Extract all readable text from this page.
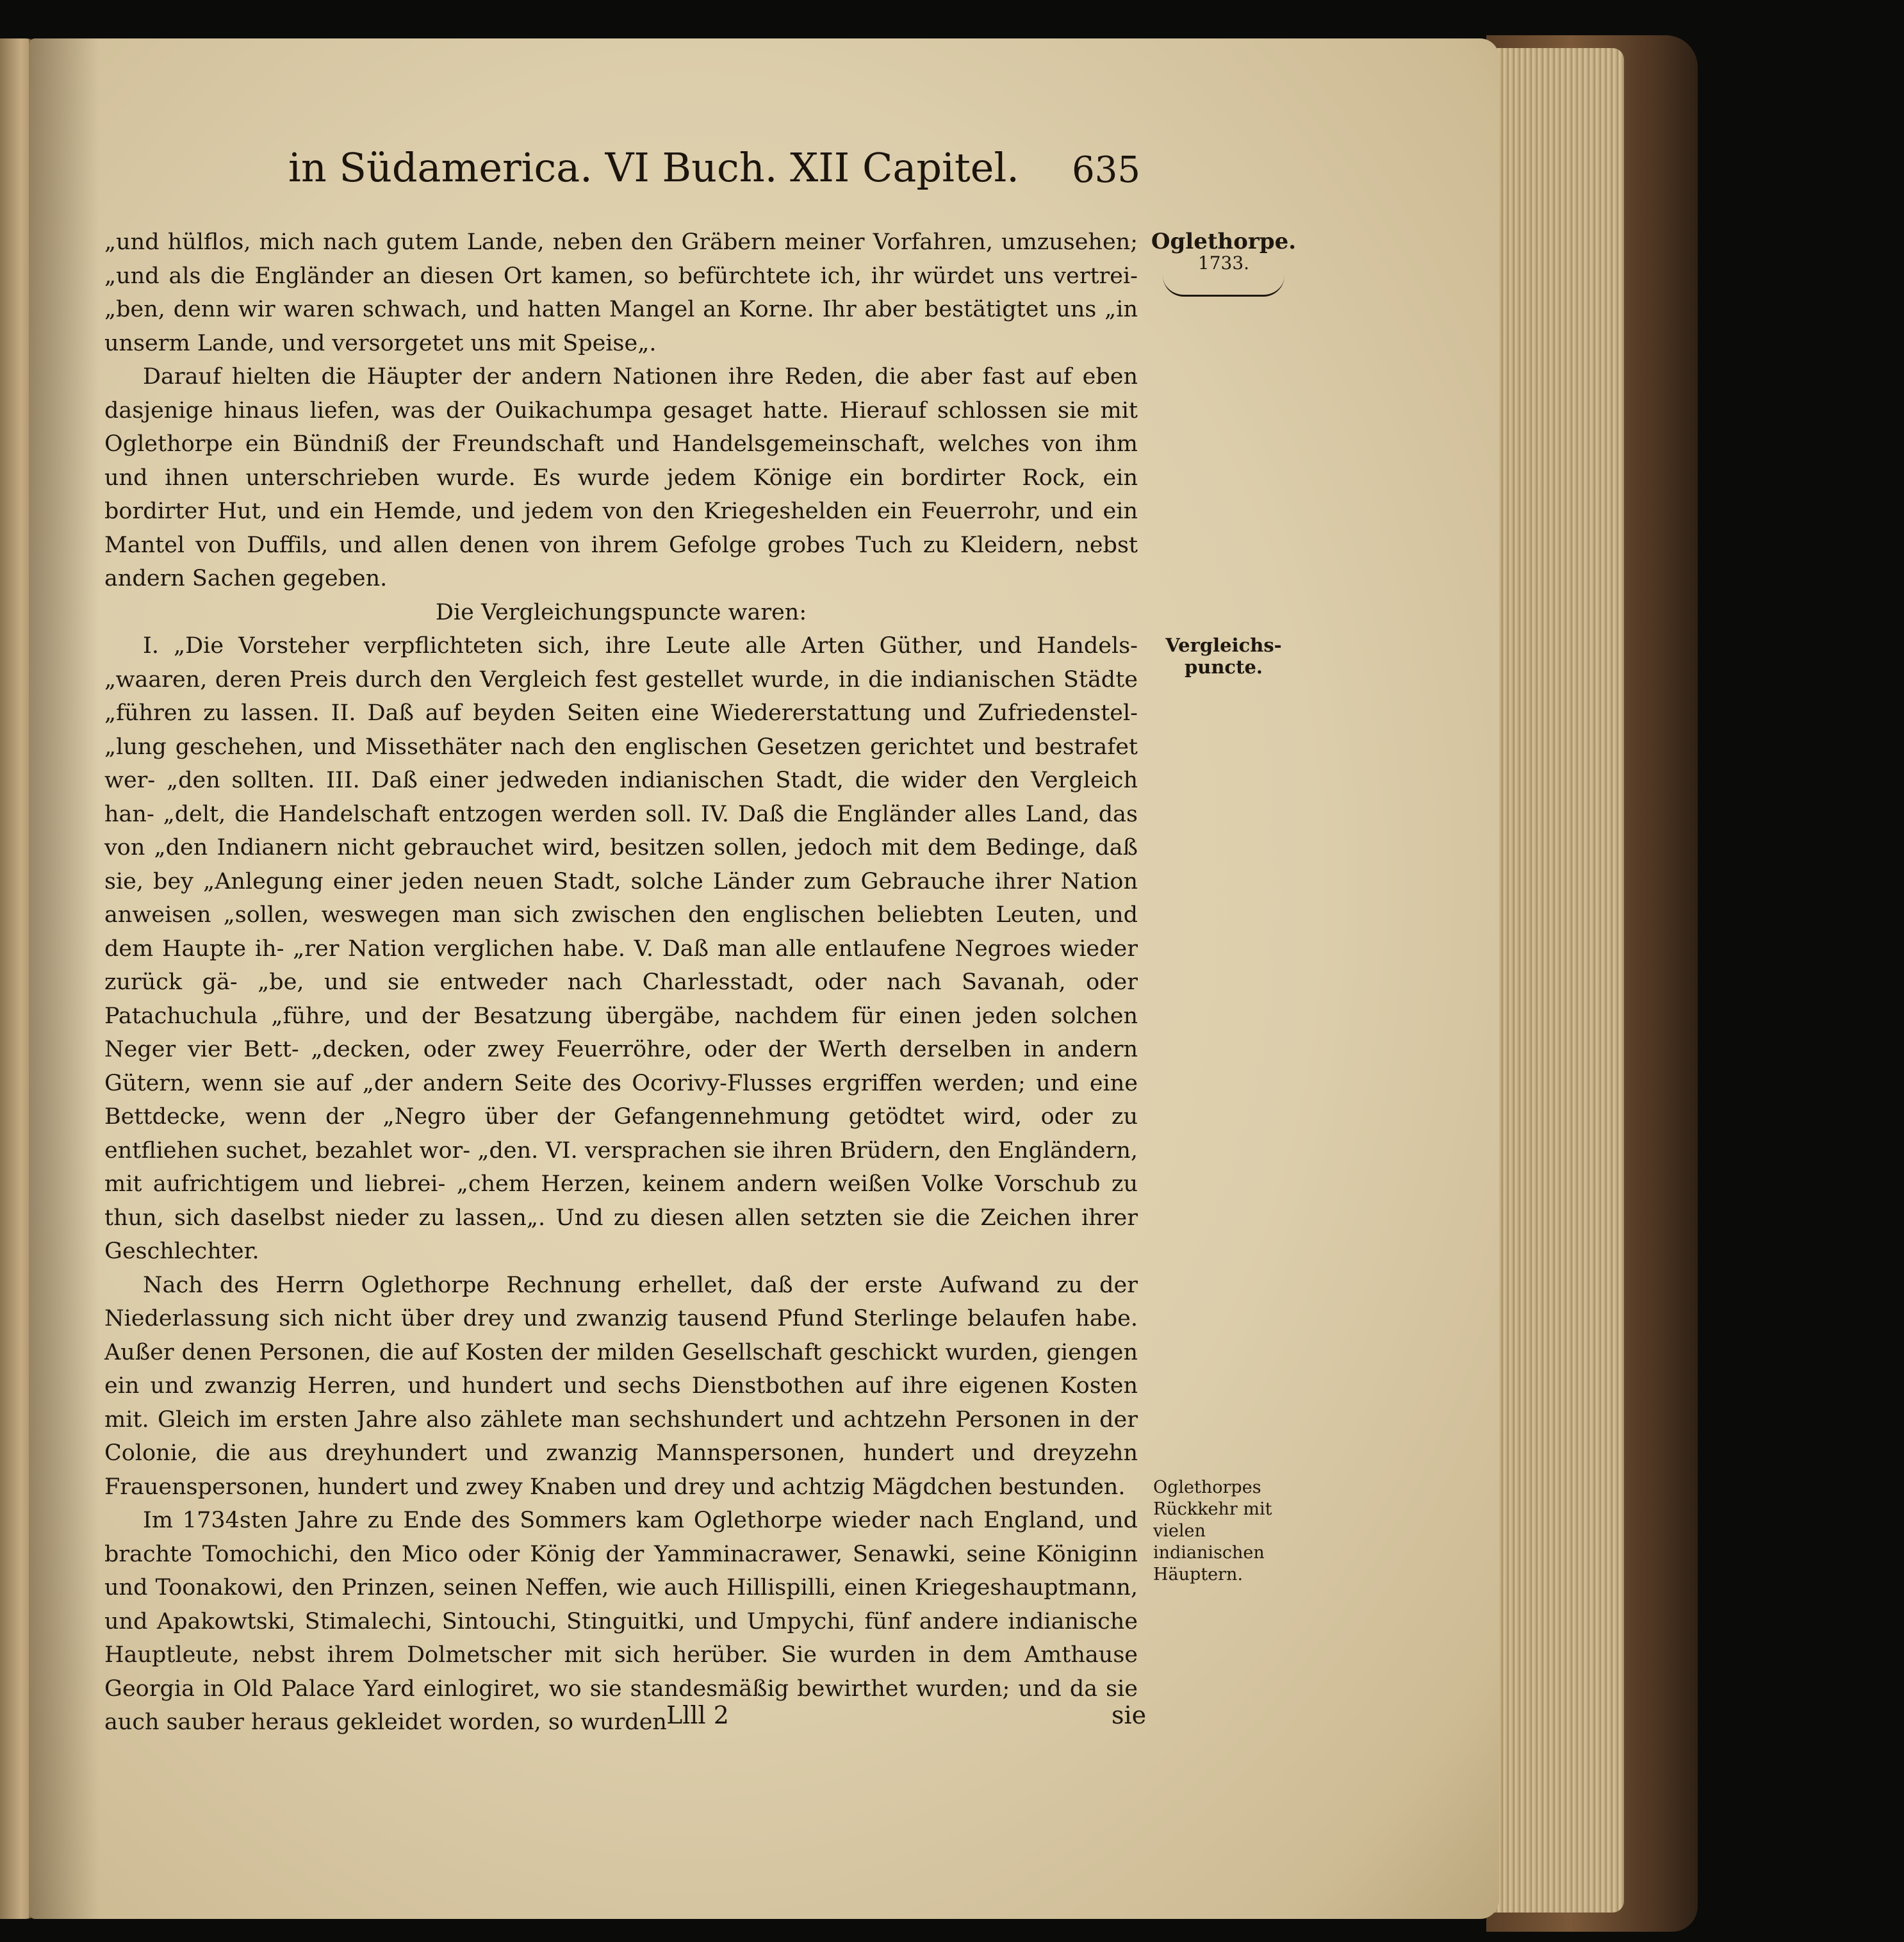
in Südamerica. VI Buch. XII Capitel. 635

„und hülflos, mich nach gutem Lande, neben den Gräbern meiner Vorfahren, umzusehen; „und als die Engländer an diesen Ort kamen, so befürchtete ich, ihr würdet uns vertrei- „ben, denn wir waren schwach, und hatten Mangel an Korne. Ihr aber bestätigtet uns „in unserm Lande, und versorgetet uns mit Speise„.

Darauf hielten die Häupter der andern Nationen ihre Reden, die aber fast auf eben dasjenige hinaus liefen, was der Ouikachumpa gesaget hatte. Hierauf schlossen sie mit Oglethorpe ein Bündniß der Freundschaft und Handelsgemeinschaft, welches von ihm und ihnen unterschrieben wurde. Es wurde jedem Könige ein bordirter Rock, ein bordirter Hut, und ein Hemde, und jedem von den Kriegeshelden ein Feuerrohr, und ein Mantel von Duffils, und allen denen von ihrem Gefolge grobes Tuch zu Kleidern, nebst andern Sachen gegeben.

Die Vergleichungspuncte waren:

I. „Die Vorsteher verpflichteten sich, ihre Leute alle Arten Güther, und Handels- „waaren, deren Preis durch den Vergleich fest gestellet wurde, in die indianischen Städte „führen zu lassen. II. Daß auf beyden Seiten eine Wiedererstattung und Zufriedenstel- „lung geschehen, und Missethäter nach den englischen Gesetzen gerichtet und bestrafet wer- „den sollten. III. Daß einer jedweden indianischen Stadt, die wider den Vergleich han- „delt, die Handelschaft entzogen werden soll. IV. Daß die Engländer alles Land, das von „den Indianern nicht gebrauchet wird, besitzen sollen, jedoch mit dem Bedinge, daß sie, bey „Anlegung einer jeden neuen Stadt, solche Länder zum Gebrauche ihrer Nation anweisen „sollen, weswegen man sich zwischen den englischen beliebten Leuten, und dem Haupte ih- „rer Nation verglichen habe. V. Daß man alle entlaufene Negroes wieder zurück gä- „be, und sie entweder nach Charlesstadt, oder nach Savanah, oder Patachuchula „führe, und der Besatzung übergäbe, nachdem für einen jeden solchen Neger vier Bett- „decken, oder zwey Feuerröhre, oder der Werth derselben in andern Gütern, wenn sie auf „der andern Seite des Ocorivy-Flusses ergriffen werden; und eine Bettdecke, wenn der „Negro über der Gefangennehmung getödtet wird, oder zu entfliehen suchet, bezahlet wor- „den. VI. versprachen sie ihren Brüdern, den Engländern, mit aufrichtigem und liebrei- „chem Herzen, keinem andern weißen Volke Vorschub zu thun, sich daselbst nieder zu lassen„. Und zu diesen allen setzten sie die Zeichen ihrer Geschlechter.

Nach des Herrn Oglethorpe Rechnung erhellet, daß der erste Aufwand zu der Niederlassung sich nicht über drey und zwanzig tausend Pfund Sterlinge belaufen habe. Außer denen Personen, die auf Kosten der milden Gesellschaft geschickt wurden, giengen ein und zwanzig Herren, und hundert und sechs Dienstbothen auf ihre eigenen Kosten mit. Gleich im ersten Jahre also zählete man sechshundert und achtzehn Personen in der Colonie, die aus dreyhundert und zwanzig Mannspersonen, hundert und dreyzehn Frauenspersonen, hundert und zwey Knaben und drey und achtzig Mägdchen bestunden.

Im 1734sten Jahre zu Ende des Sommers kam Oglethorpe wieder nach England, und brachte Tomochichi, den Mico oder König der Yamminacrawer, Senawki, seine Königinn und Toonakowi, den Prinzen, seinen Neffen, wie auch Hillispilli, einen Kriegeshauptmann, und Apakowtski, Stimalechi, Sintouchi, Stinguitki, und Umpychi, fünf andere indianische Hauptleute, nebst ihrem Dolmetscher mit sich herüber. Sie wurden in dem Amthause Georgia in Old Palace Yard einlogiret, wo sie standesmäßig bewirthet wurden; und da sie auch sauber heraus gekleidet worden, so wurden

Oglethorpe.
1733.
Vergleichs-puncte.
Oglethorpes Rückkehr mit vielen indianischen Häuptern.
Llll 2	sie
